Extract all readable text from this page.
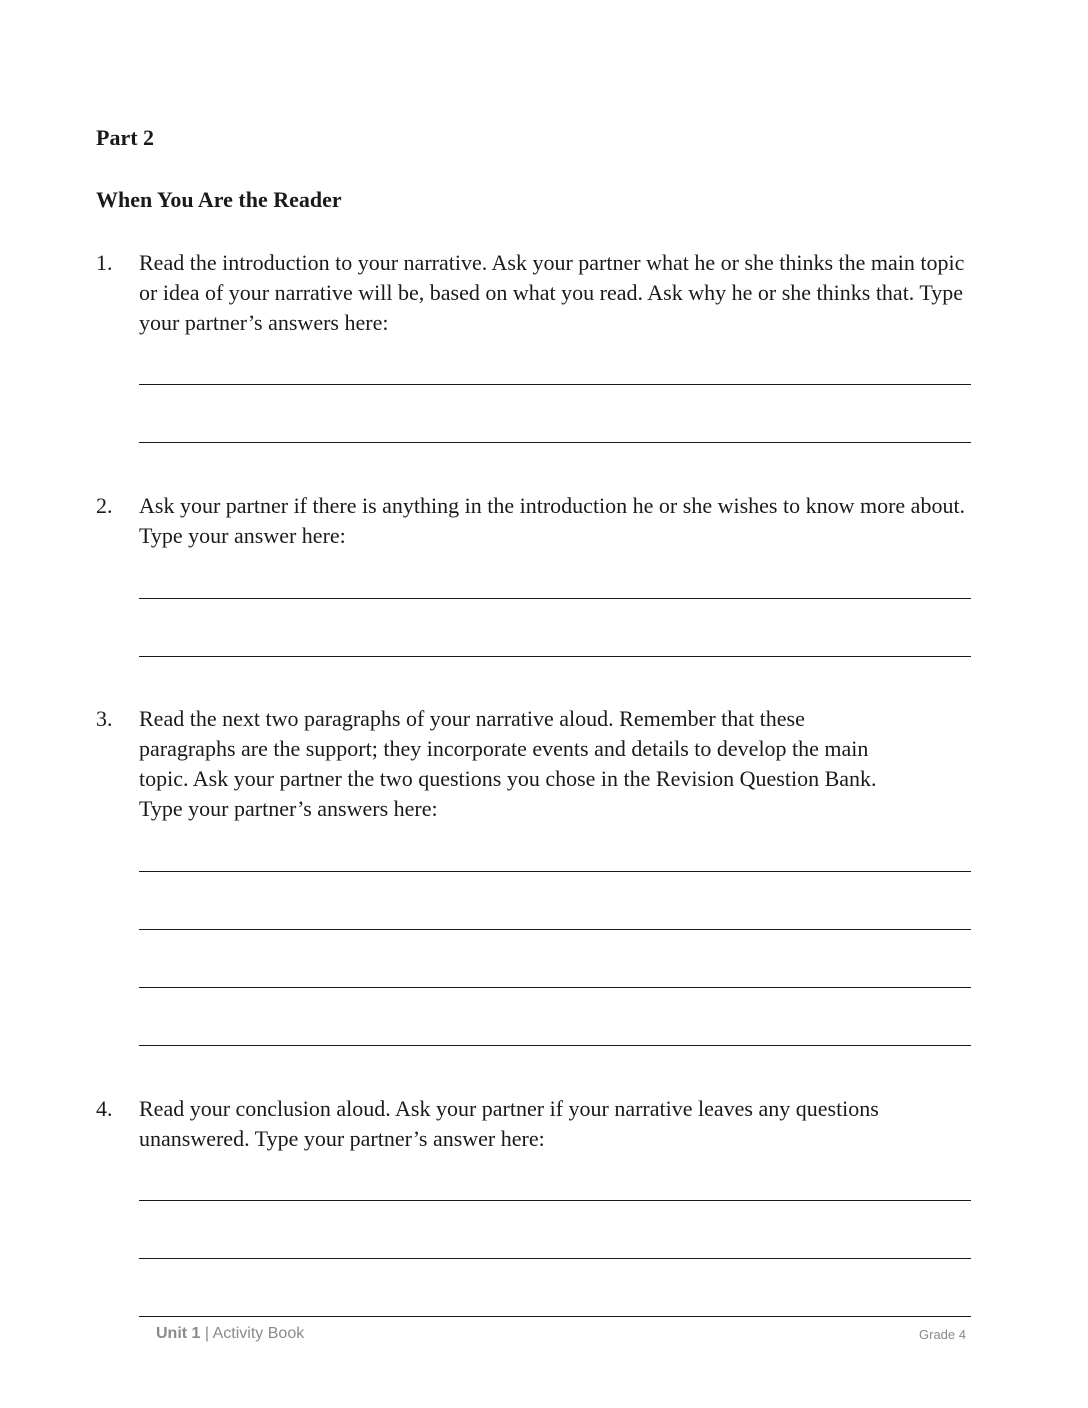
Part 2
When You Are the Reader
1.	Read the introduction to your narrative. Ask your partner what he or she thinks the main topic or idea of your narrative will be, based on what you read. Ask why he or she thinks that. Type your partner’s answers here:
2.	Ask your partner if there is anything in the introduction he or she wishes to know more about. Type your answer here:
3.	Read the next two paragraphs of your narrative aloud. Remember that these paragraphs are the support; they incorporate events and details to develop the main topic. Ask your partner the two questions you chose in the Revision Question Bank. Type your partner’s answers here:
4.	Read your conclusion aloud. Ask your partner if your narrative leaves any questions unanswered. Type your partner’s answer here:
Unit 1 | Activity Book	Grade 4
